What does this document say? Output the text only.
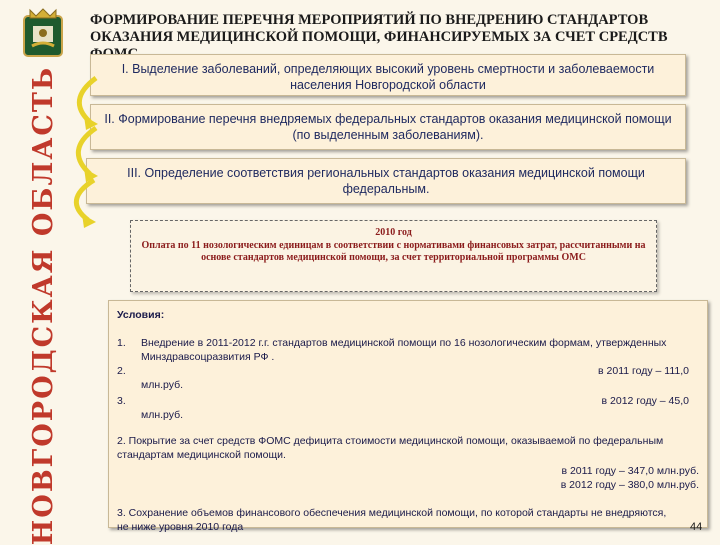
НОВГОРОДСКАЯ ОБЛАСТЬ
ФОРМИРОВАНИЕ ПЕРЕЧНЯ МЕРОПРИЯТИЙ ПО ВНЕДРЕНИЮ СТАНДАРТОВ ОКАЗАНИЯ МЕДИЦИНСКОЙ ПОМОЩИ, ФИНАНСИРУЕМЫХ ЗА СЧЕТ СРЕДСТВ
I. Выделение заболеваний, определяющих высокий уровень смертности и заболеваемости населения Новгородской области
II. Формирование перечня внедряемых федеральных стандартов оказания медицинской помощи (по выделенным заболеваниям).
III. Определение соответствия региональных стандартов оказания медицинской помощи федеральным.
2010 год
Оплата по 11 нозологическим единицам в соответствии с нормативами финансовых затрат, рассчитанными на основе стандартов медицинской помощи, за счет территориальной программы ОМС
Условия:
1. Внедрение в 2011-2012 г.г. стандартов медицинской помощи по 16 нозологическим формам, утвержденных Минздравсоцразвития РФ .
2.	в 2011 году – 111,0
млн.руб.
3.	в 2012 году – 45,0
млн.руб.
2. Покрытие за счет средств ФОМС дефицита стоимости медицинской помощи, оказываемой по федеральным стандартам медицинской помощи.
в 2011 году – 347,0 млн.руб.
в 2012 году – 380,0 млн.руб.
3. Сохранение объемов финансового обеспечения медицинской помощи, по которой стандарты не внедряются, не ниже уровня 2010 года	44
